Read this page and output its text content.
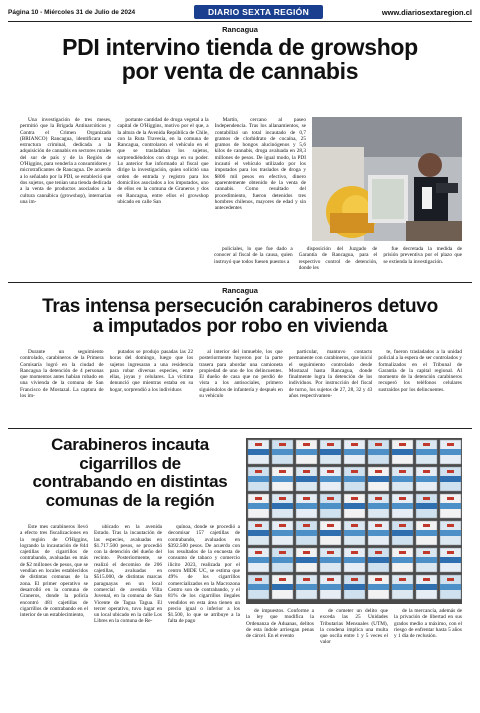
Página 10 - Miércoles 31 de Julio de 2024	DIARIO SEXTA REGIÓN	www.diariosextaregion.cl
Rancagua
PDI intervino tienda de growshop
por venta de cannabis

Una investigación de tres meses, permitió que la Brigada Antinarcóticos y Contra el Crimen Organizado (BRIANCO) Rancagua, identificara una estructura criminal, dedicada a la adquisición de cannabis en sectores rurales del sur de país y de la Región de O'Higgins, para venderla a consumidores y microtraficantes de Rancagua. De acuerdo a lo señalado por la PDI, se estableció que dos sujetos, que tenían una tienda dedicada a la venta de productos asociados a la cultura cannábica (growshop), internarían una im-

portante cantidad de droga vegetal a la capital de O'Higgins, motivo por el que, a la altura de la Avenida República de Chile, con la Ruta Travesía, en la comuna de Rancagua, controlaron el vehículo en el que se trasladaban los sujetos, sorprendiéndolos con droga en su poder. Lo anterior fue informado al fiscal que dirige la investigación, quien solicitó una orden de entrada y registro para los domicilios asociados a los imputados, uno de ellos en la comuna de Graneros y dos en Rancagua, entre ellos el growshop ubicado en calle San

Martín, cercano al paseo Independencia. Tras los allanamientos, se contabilizó un total incautado de 0,7 gramos de clorhidrato de cocaína, 25 gramos de hongos alucinógenos y 5,6 kilos de cannabis, droga avaluada en 28,3 millones de pesos. De igual modo, la PDI incautó el vehículo utilizado por los imputados para los traslados de droga y $806 mil pesos en efectivo, dinero aparentemente obtenido de la venta de cannabis. Como resultado del procedimiento, fueron detenidos tres hombres chilenos, mayores de edad y sin antecedentes

policiales, lo que fue dado a conocer al fiscal de la causa, quien instruyó que todos fuesen puestos a

disposición del Juzgado de Garantía de Rancagua, para el respectivo control de detención, donde les

fue decretada la medida de prisión preventiva por el plazo que se extienda la investigación.

Rancagua
Tras intensa persecución carabineros detuvo
a imputados por robo en vivienda

Durante un seguimiento controlado, carabineros de la Primera Comisaría logró en la ciudad de Rancagua la detención de 4 personas que momentos antes habían robado en una vivienda de la comuna de San Francisco de Mostazal. La captura de los im-

putados se produjo pasadas las 22 horas del domingo, luego que los sujetos ingresaran a una residencia para robar diversas especies, entre ellas, joyas y celulares. La víctima denunció que mientras estaba en su hogar, sorprendió a los individuos

al interior del inmueble, los que posteriormente huyeron por la parte trasera para abordar una camioneta propiedad de uno de los delincuentes. El dueño de casa que no perdió de vista a los antisociales, primero siguiéndolos de infantería y después en su vehículo

particular, mantuvo contacto permanente con carabineros, que inició el seguimiento controlado desde Mostazal hasta Rancagua, donde finalmente logra la detención de los individuos. Por instrucción del fiscal de turno, los sujetos de 27, 28, 32 y 43 años respectivamen-

te, fueron trasladados a la unidad policial a la espera de ser controlados y formalizados en el Tribunal de Garantía de la capital regional. Al momento de la detención carabineros recuperó los teléfonos celulares sustraídos por los delincuentes.

Carabineros incauta
cigarrillos de
contrabando en distintas
comunas de la región

Este mes carabineros llevó a efecto tres fiscalizaciones en la región de O'Higgins, logrando la incautación de 844 cajetillas de cigarrillos de contrabando, avaluadas en más de $2 millones de pesos, que se vendían en locales establecidos de distintas comunas de la zona. El primer operativo se desarrolló en la comuna de Graneros, donde la policía encontró 481 cajetillas de cigarrillos de contrabando en el interior de un establecimiento,

ubicado en la avenida Estado. Tras la incautación de las especies, avaluadas en $1.717.500 pesos, se procedió con la detención del dueño del recinto. Posteriormente, se realizó el decomiso de 206 cajetillas, avaluadas en $515.000, de distintas marcas paraguayas en un local comercial de avenida Villa Juvenal, en la comuna de San Vicente de Tagua Tagua. El tercer operativo, tuvo lugar en un local ubicado en la calle Los Libres en la comuna de Re-

quínoa, donde se procedió a decomisar 157 cajetillas de contrabando, avaluados en $392.500 pesos. De acuerdo con los resultados de la encuesta de consumo de tabaco y comercio ilícito 2023, realizada por el centro MIDE UC, se estima que 49% de los cigarrillos comercializados en la Macrozona Centro son de contrabando, y el 81% de los cigarrillos ilegales vendidos en esta área tienen un precio igual o inferior a los $1.500, lo que se atribuye a la falta de pago

de impuestos. Conforme a la ley que modifica la Ordenanza de Aduanas, delitos de esta índole arriesgan penas de cárcel. En el evento

de cometer un delito que exceda las 25 Unidades Tributarias Mensuales (UTM), la condena implica una multa que oscila entre 1 y 5 veces el valor

de la mercancía, además de la privación de libertad en sus grados medio a máximo, con el riesgo de enfrentar hasta 5 años y 1 día de reclusión.
